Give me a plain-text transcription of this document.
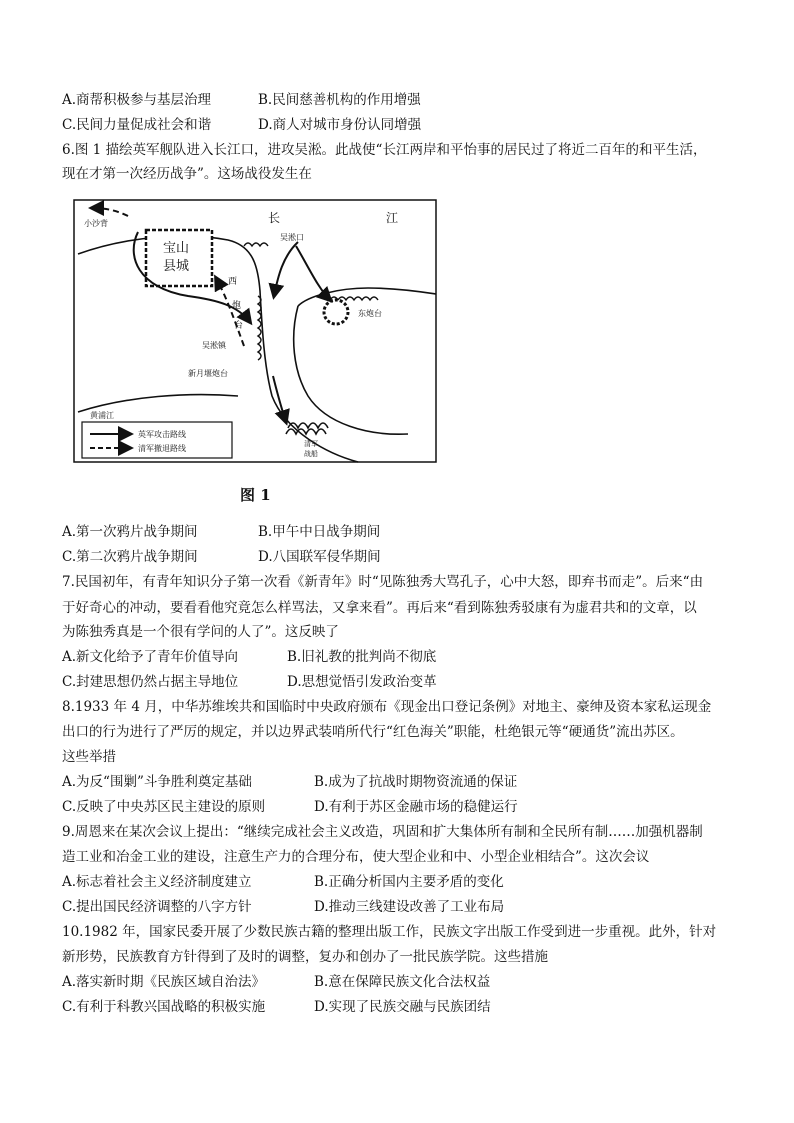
A.商帮积极参与基层治理	B.民间慈善机构的作用增强
C.民间力量促成社会和谐	D.商人对城市身份认同增强
6.图 1 描绘英军舰队进入长江口，进攻吴淞。此战使“长江两岸和平怡事的居民过了将近二百年的和平生活，
现在才第一次经历战争”。这场战役发生在
宝山
县城
东炮台
长	江
小沙背
吴淞口
西
炮
台
吴淞镇
新月堰炮台
黄浦江
清军
战船
英军攻击路线
清军撤退路线
图 1
A.第一次鸦片战争期间	B.甲午中日战争期间
C.第二次鸦片战争期间	D.八国联军侵华期间
7.民国初年，有青年知识分子第一次看《新青年》时“见陈独秀大骂孔子，心中大怒，即弃书而走”。后来“由
于好奇心的冲动，要看看他究竟怎么样骂法，又拿来看”。再后来“看到陈独秀驳康有为虚君共和的文章，以
为陈独秀真是一个很有学问的人了”。这反映了
A.新文化给予了青年价值导向	B.旧礼教的批判尚不彻底
C.封建思想仍然占据主导地位	D.思想觉悟引发政治变革
8.1933 年 4 月，中华苏维埃共和国临时中央政府颁布《现金出口登记条例》对地主、豪绅及资本家私运现金
出口的行为进行了严厉的规定，并以边界武装哨所代行“红色海关”职能，杜绝银元等“硬通货”流出苏区。
这些举措
A.为反“围剿”斗争胜利奠定基础	B.成为了抗战时期物资流通的保证
C.反映了中央苏区民主建设的原则	D.有利于苏区金融市场的稳健运行
9.周恩来在某次会议上提出：“继续完成社会主义改造，巩固和扩大集体所有制和全民所有制……加强机器制
造工业和冶金工业的建设，注意生产力的合理分布，使大型企业和中、小型企业相结合”。这次会议
A.标志着社会主义经济制度建立	B.正确分析国内主要矛盾的变化
C.提出国民经济调整的八字方针	D.推动三线建设改善了工业布局
10.1982 年，国家民委开展了少数民族古籍的整理出版工作，民族文字出版工作受到进一步重视。此外，针对
新形势，民族教育方针得到了及时的调整，复办和创办了一批民族学院。这些措施
A.落实新时期《民族区域自治法》	B.意在保障民族文化合法权益
C.有利于科教兴国战略的积极实施	D.实现了民族交融与民族团结
